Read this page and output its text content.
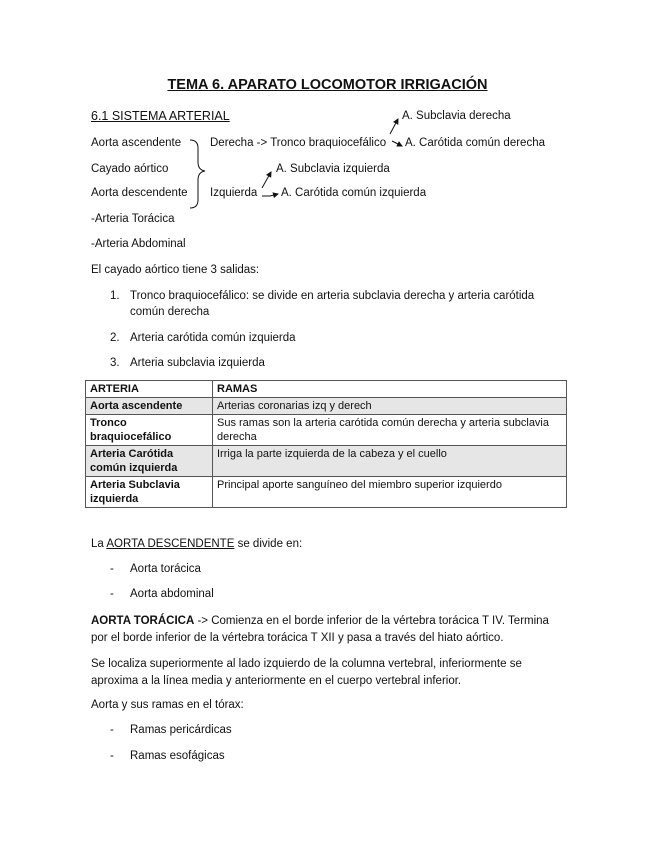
TEMA 6. APARATO LOCOMOTOR IRRIGACIÓN
6.1 SISTEMA ARTERIAL
Aorta ascendente
Cayado aórtico
Aorta descendente
Derecha -> Tronco braquiocefálico
A. Subclavia derecha
A. Carótida común derecha
Izquierda
A. Subclavia izquierda
A. Carótida común izquierda
-Arteria Torácica
-Arteria Abdominal
El cayado aórtico tiene 3 salidas:
1. Tronco braquiocefálico: se divide en arteria subclavia derecha y arteria carótida
común derecha
2. Arteria carótida común izquierda
3. Arteria subclavia izquierda
ARTERIA	RAMAS
Aorta ascendente	Arterias coronarias izq y derech
Tronco braquiocefálico	Sus ramas son la arteria carótida común derecha y arteria subclavia derecha
Arteria Carótida común izquierda	Irriga la parte izquierda de la cabeza y el cuello
Arteria Subclavia izquierda	Principal aporte sanguíneo del miembro superior izquierdo
La AORTA DESCENDENTE se divide en:
- Aorta torácica
- Aorta abdominal
AORTA TORÁCICA -> Comienza en el borde inferior de la vértebra torácica T IV. Termina por el borde inferior de la vértebra torácica T XII y pasa a través del hiato aórtico.
Se localiza superiormente al lado izquierdo de la columna vertebral, inferiormente se aproxima a la línea media y anteriormente en el cuerpo vertebral inferior.
Aorta y sus ramas en el tórax:
- Ramas pericárdicas
- Ramas esofágicas
